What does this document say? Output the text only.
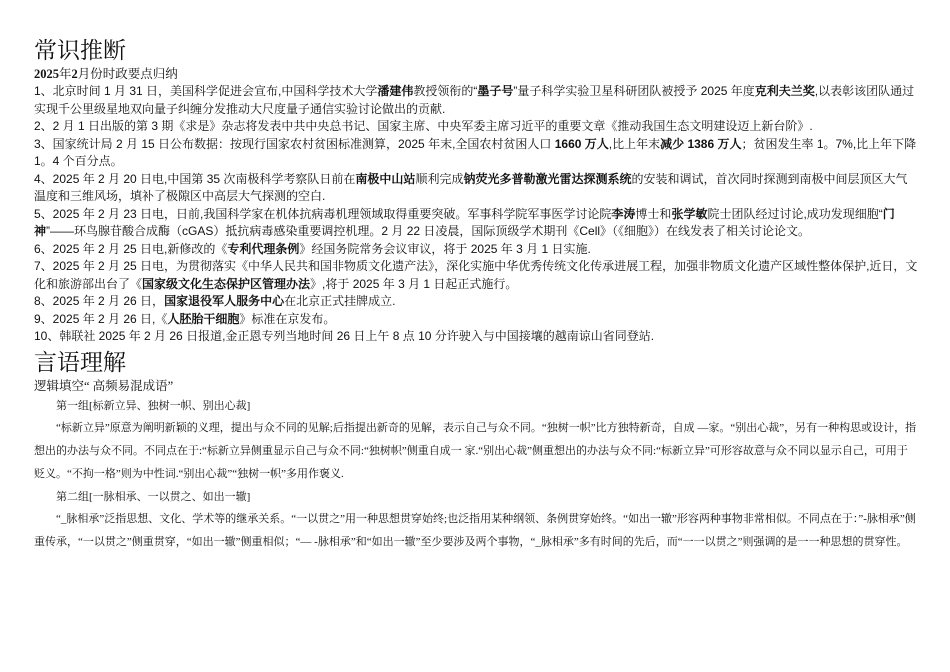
常识推断

2025年2月份时政要点归纳

1、北京时间 1 月 31 日，美国科学促进会宣布,中国科学技术大学潘建伟教授领衔的“墨子号”量子科学实验卫星科研团队被授予 2025 年度克利夫兰奖,以表彰该团队通过实现千公里级星地双向量子纠缠分发推动大尺度量子通信实验讨论做出的贡献.

2、2 月 1 日出版的第 3 期《求是》杂志将发表中共中央总书记、国家主席、中央军委主席习近平的重要文章《推动我国生态文明建设迈上新台阶》.

3、国家统计局 2 月 15 日公布数据：按现行国家农村贫困标准测算，2025 年末,全国农村贫困人口 1660 万人,比上年末减少 1386 万人；贫困发生率 1。7%,比上年下降 1。4 个百分点。

4、2025 年 2 月 20 日电,中国第 35 次南极科学考察队日前在南极中山站顺利完成钠荧光多普勒激光雷达探测系统的安装和调试，首次同时探测到南极中间层顶区大气温度和三维风场，填补了极隙区中高层大气探测的空白.

5、2025 年 2 月 23 日电，日前,我国科学家在机体抗病毒机理领域取得重要突破。军事科学院军事医学讨论院李涛博士和张学敏院士团队经过讨论,成功发现细胞“门神”——环鸟腺苷酸合成酶（cGAS）抵抗病毒感染重要调控机理。2 月 22 日凌晨，国际顶级学术期刊《Cell》（《细胞》）在线发表了相关讨论论文。

6、2025 年 2 月 25 日电,新修改的《专利代理条例》经国务院常务会议审议，将于 2025 年 3 月 1 日实施.

7、2025 年 2 月 25 日电，为贯彻落实《中华人民共和国非物质文化遗产法》，深化实施中华优秀传统文化传承进展工程，加强非物质文化遗产区域性整体保护,近日，文化和旅游部出台了《国家级文化生态保护区管理办法》,将于 2025 年 3 月 1 日起正式施行。

8、2025 年 2 月 26 日，国家退役军人服务中心在北京正式挂牌成立.

9、2025 年 2 月 26 日,《人胚胎干细胞》标准在京发布。

10、韩联社 2025 年 2 月 26 日报道,金正恩专列当地时间 26 日上午 8 点 10 分许驶入与中国接壤的越南谅山省同登站.

言语理解

逻辑填空“ 高频易混成语”

第一组[标新立异、独树一帜、别出心裁]

“标新立异”原意为阐明新颖的义理，提出与众不同的见解;后指提出新奇的见解，表示自己与众不同。“独树一帜”比方独特新奇，自成 —家。“别出心裁”，另有一种构思或设计，指想出的办法与众不同。不同点在于:“标新立异侧重显示自己与众不同:“独树帜”侧重自成一 家.“别出心裁”侧重想出的办法与众不同:“标新立异”可形容故意与众不同以显示自己，可用于贬义。“不拘一格”则为中性词.“别出心裁”“独树一帜”多用作褒义.

第二组[一脉相承、一以贯之、如出一辙]

“_脉相承”泛指思想、文化、学术等的继承关系。“一以贯之”用一种思想贯穿始终;也泛指用某种纲领、条例贯穿始终。“如出一辙”形容两种事物非常相似。不同点在于：”-脉相承”侧重传承，“一以贯之”侧重贯穿，“如出一辙”侧重相似；“— -脉相承”和“如出一辙”至少要涉及两个事物，“_脉相承”多有时间的先后，而“一一以贯之”则强调的是一一种思想的贯穿性。
